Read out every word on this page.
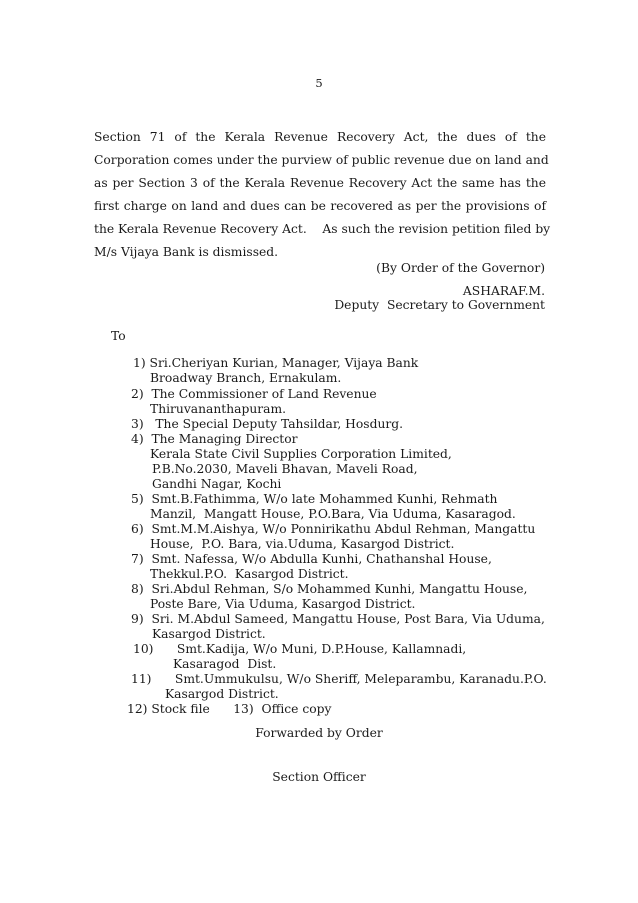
5
Section 71 of the Kerala Revenue Recovery Act, the dues of the
Corporation comes under the purview of public revenue due on land and
as per Section 3 of the Kerala Revenue Recovery Act the same has the
first charge on land and dues can be recovered as per the provisions of
the Kerala Revenue Recovery Act.    As such the revision petition filed by
M/s Vijaya Bank is dismissed.
(By Order of the Governor)
ASHARAF.M.
Deputy  Secretary to Government
To
1) Sri.Cheriyan Kurian, Manager, Vijaya Bank
Broadway Branch, Ernakulam.
2)  The Commissioner of Land Revenue
Thiruvananthapuram.
3)   The Special Deputy Tahsildar, Hosdurg.
4)  The Managing Director
Kerala State Civil Supplies Corporation Limited,
P.B.No.2030, Maveli Bhavan, Maveli Road,
Gandhi Nagar, Kochi
5)  Smt.B.Fathimma, W/o late Mohammed Kunhi, Rehmath
Manzil,  Mangatt House, P.O.Bara, Via Uduma, Kasaragod.
6)  Smt.M.M.Aishya, W/o Ponnirikathu Abdul Rehman, Mangattu
House,  P.O. Bara, via.Uduma, Kasargod District.
7)  Smt. Nafessa, W/o Abdulla Kunhi, Chathanshal House,
Thekkul.P.O.  Kasargod District.
8)  Sri.Abdul Rehman, S/o Mohammed Kunhi, Mangattu House,
Poste Bare, Via Uduma, Kasargod District.
9)  Sri. M.Abdul Sameed, Mangattu House, Post Bara, Via Uduma,
Kasargod District.
10)      Smt.Kadija, W/o Muni, D.P.House, Kallamnadi,
Kasaragod  Dist.
11)      Smt.Ummukulsu, W/o Sheriff, Meleparambu, Karanadu.P.O.
Kasargod District.
12) Stock file      13)  Office copy
Forwarded by Order
Section Officer
